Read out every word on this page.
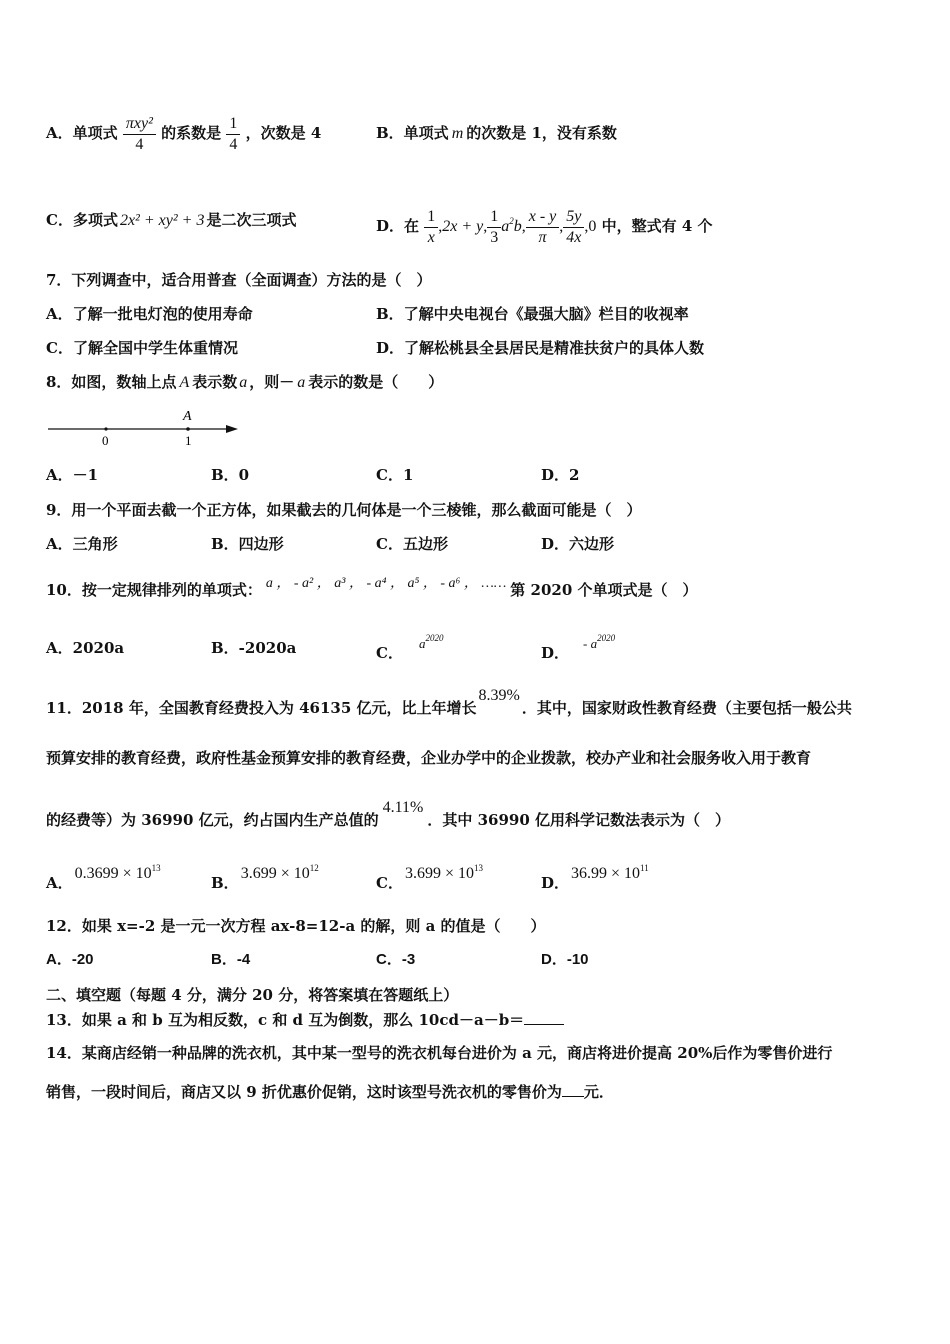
A．单项式 $\frac{\text{πxy²}}{4}$ 的系数是 $\frac{1}{4}$ ，次数是 4	B．单项式 m 的次数是 1，没有系数
C．多项式 2x² + xy² + 3 是二次三项式	D．在 $\frac{1}{x} ,2x + y$, $\frac{1}{3} a^2b$, $\frac{x - y}{\pi}$ , $\frac{5y}{4x} ,0$ 中，整式有 4 个
7．下列调查中，适合用普查（全面调查）方法的是（　）
A．了解一批电灯泡的使用寿命	B．了解中央电视台《最强大脑》栏目的收视率
C．了解全国中学生体重情况	D．了解松桃县全县居民是精准扶贫户的具体人数
8．如图，数轴上点 A 表示数 a ，则－ a 表示的数是（　　）
A
0	1
A．－1	B．0	C．1	D．2
9．用一个平面去截一个正方体，如果截去的几何体是一个三棱锥，那么截面可能是（　）
A．三角形	B．四边形	C．五边形	D．六边形
10．按一定规律排列的单项式： a ， - a² ， a³ ， - a⁴ ， a⁵ ， - a⁶ ， …… 第 2020 个单项式是（　）
A．2020a	B．-2020a	C．$a^{2020}$
D．- $a^{2020}$
11．2018 年，全国教育经费投入为 46135 亿元，比上年增长8.39%．其中，国家财政性教育经费（主要包括一般公共
预算安排的教育经费，政府性基金预算安排的教育经费，企业办学中的企业拨款，校办产业和社会服务收入用于教育
的经费等）为 36990 亿元，约占国内生产总值的4.11%．其中 36990 亿用科学记数法表示为（　）
A．$0.3699 \times 10^{13}$
B．$3.699 \times 10^{12}$
C．$3.699 \times 10^{13}$
D．$36.99 \times 10^{11}$
12．如果 x=-2 是一元一次方程 ax-8=12-a 的解，则 a 的值是（　　）
A．-20	B．-4	C．-3	D．-10
二、填空题（每题 4 分，满分 20 分，将答案填在答题纸上）
13．如果 a 和 b 互为相反数，c 和 d 互为倒数，那么 10cd－a－b＝
14．某商店经销一种品牌的洗衣机，其中某一型号的洗衣机每台进价为 a 元，商店将进价提高 20%后作为零售价进行
销售，一段时间后，商店又以 9 折优惠价促销，这时该型号洗衣机的零售价为 元．
